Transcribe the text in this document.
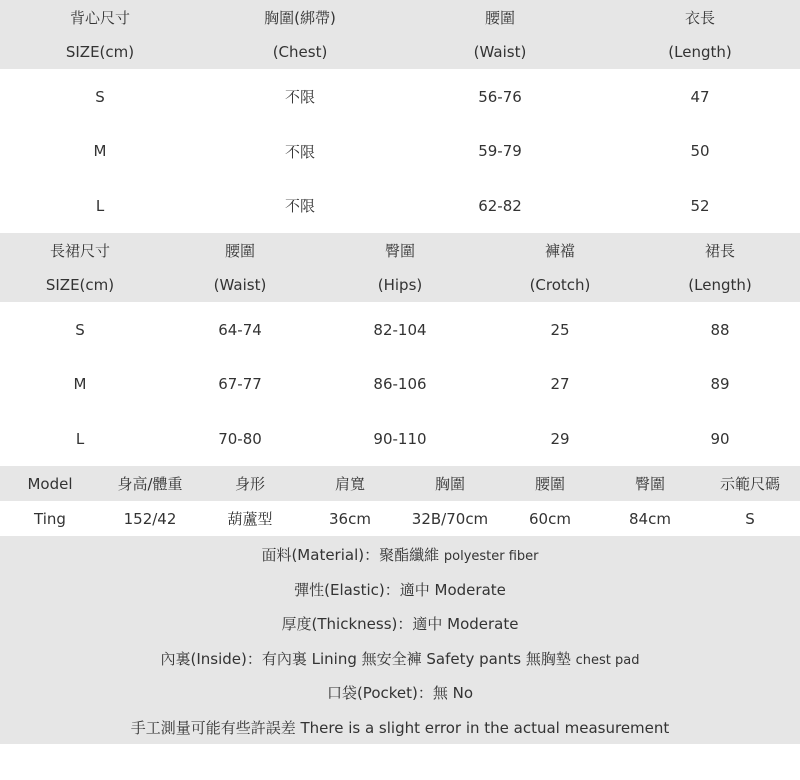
背心尺寸	胸圍(綁帶)	腰圍	衣長
SIZE(cm)	(Chest)	(Waist)	(Length)
S	不限	56-76	47
M	不限	59-79	50
L	不限	62-82	52
長裙尺寸	腰圍	臀圍	褲襠	裙長
SIZE(cm)	(Waist)	(Hips)	(Crotch)	(Length)
S	64-74	82-104	25	88
M	67-77	86-106	27	89
L	70-80	90-110	29	90
Model	身高/體重	身形	肩寬	胸圍	腰圍	臀圍	示範尺碼
Ting	152/42	葫蘆型	36cm	32B/70cm	60cm	84cm	S
面料(Material)：聚酯纖維 polyester fiber
彈性(Elastic)：適中 Moderate
厚度(Thickness)：適中 Moderate
內裏(Inside)：有內裏 Lining 無安全褲 Safety pants 無胸墊 chest pad
口袋(Pocket)：無 No
手工測量可能有些許誤差 There is a slight error in the actual measurement
